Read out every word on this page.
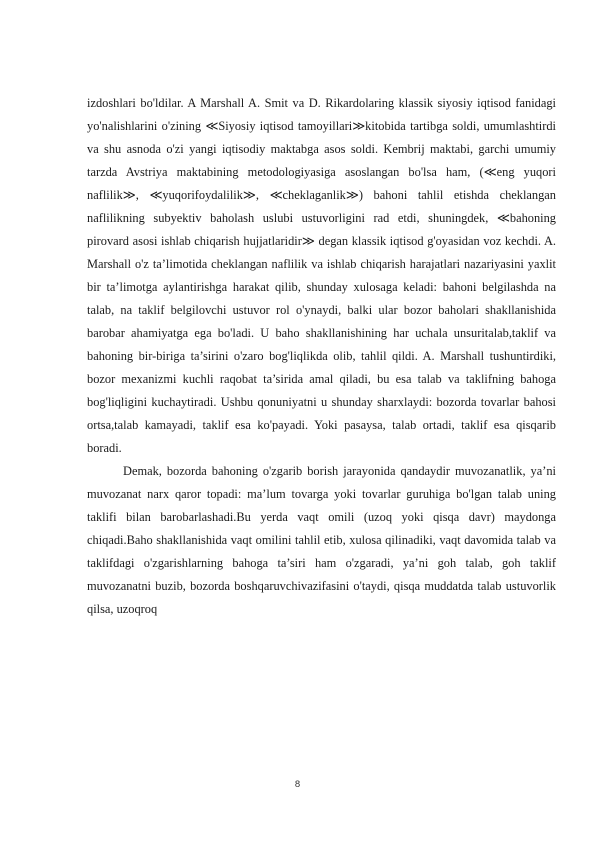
izdoshlari bo'ldilar. A Marshall A. Smit va D. Rikardolaring klassik siyosiy iqtisod fanidagi yo'nalishlarini o'zining ≪Siyosiy iqtisod tamoyillari≫kitobida tartibga soldi, umumlashtirdi va shu asnoda o'zi yangi iqtisodiy maktabga asos soldi. Kembrij maktabi, garchi umumiy tarzda Avstriya maktabining metodologiyasiga asoslangan bo'lsa ham, (≪eng yuqori naflilik≫, ≪yuqorifoydalilik≫, ≪cheklaganlik≫) bahoni tahlil etishda cheklangan naflilikning subyektiv baholash uslubi ustuvorligini rad etdi, shuningdek, ≪bahoning pirovard asosi ishlab chiqarish hujjatlaridir≫ degan klassik iqtisod g'oyasidan voz kechdi. A. Marshall o'z ta’limotida cheklangan naflilik va ishlab chiqarish harajatlari nazariyasini yaxlit bir ta’limotga aylantirishga harakat qilib, shunday xulosaga keladi: bahoni belgilashda na talab, na taklif belgilovchi ustuvor rol o'ynaydi, balki ular bozor baholari shakllanishida barobar ahamiyatga ega bo'ladi. U baho shakllanishining har uchala unsuritalab,taklif va bahoning bir-biriga ta’sirini o'zaro bog'liqlikda olib, tahlil qildi. A. Marshall tushuntirdiki, bozor mexanizmi kuchli raqobat ta’sirida amal qiladi, bu esa talab va taklifning bahoga bog'liqligini kuchaytiradi. Ushbu qonuniyatni u shunday sharxlaydi: bozorda tovarlar bahosi ortsa,talab kamayadi, taklif esa ko'payadi. Yoki pasaysa, talab ortadi, taklif esa qisqarib boradi.

Demak, bozorda bahoning o'zgarib borish jarayonida qandaydir muvozanatlik, ya’ni muvozanat narx qaror topadi: ma’lum tovarga yoki tovarlar guruhiga bo'lgan talab uning taklifi bilan barobarlashadi.Bu yerda vaqt omili (uzoq yoki qisqa davr) maydonga chiqadi.Baho shakllanishida vaqt omilini tahlil etib, xulosa qilinadiki, vaqt davomida talab va taklifdagi o'zgarishlarning bahoga ta’siri ham o'zgaradi, ya’ni goh talab, goh taklif muvozanatni buzib, bozorda boshqaruvchivazifasini o'taydi, qisqa muddatda talab ustuvorlik qilsa, uzoqroq

8
